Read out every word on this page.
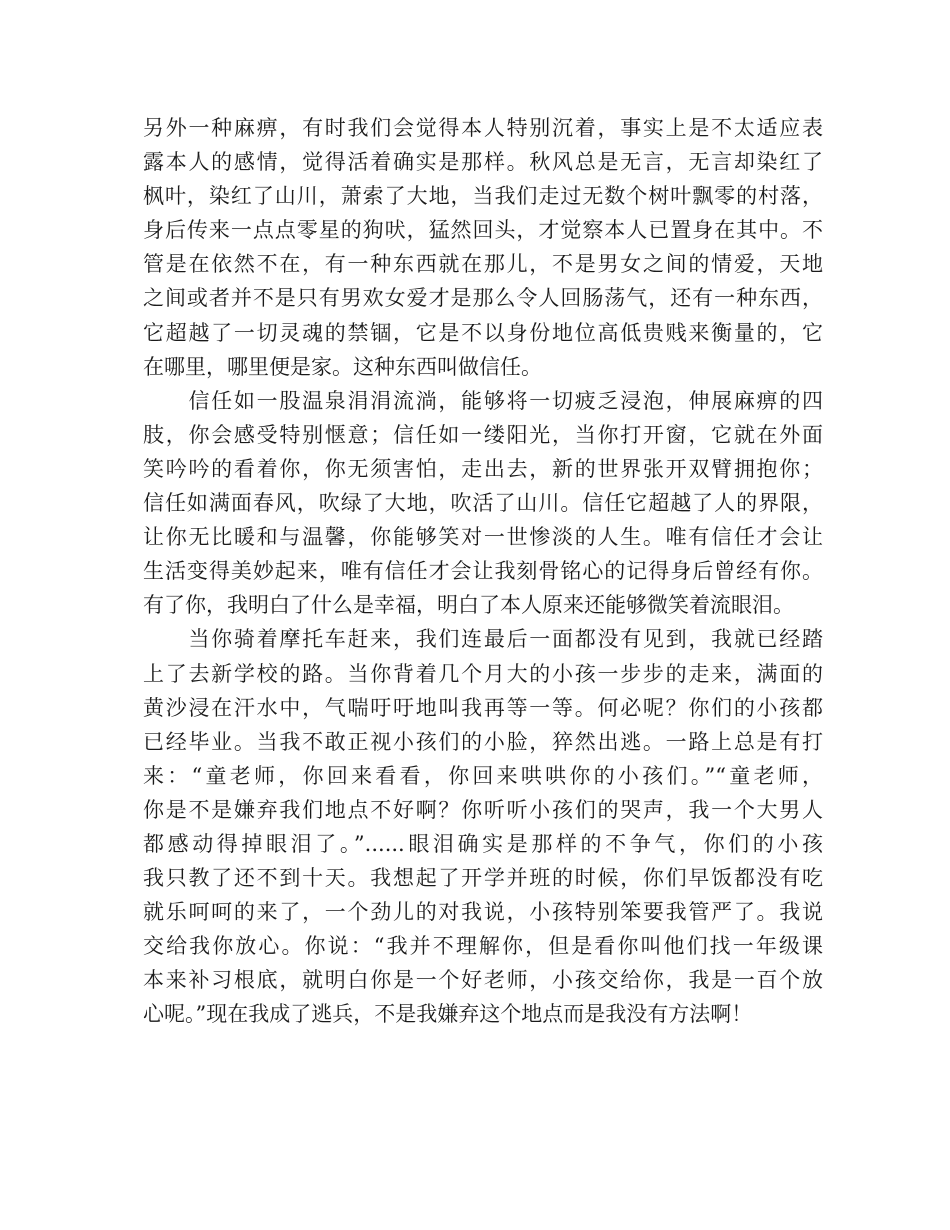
另外一种麻痹，有时我们会觉得本人特别沉着，事实上是不太适应表
露本人的感情，觉得活着确实是那样。秋风总是无言，无言却染红了
枫叶，染红了山川，萧索了大地，当我们走过无数个树叶飘零的村落，
身后传来一点点零星的狗吠，猛然回头，才觉察本人已置身在其中。不
管是在依然不在，有一种东西就在那儿，不是男女之间的情爱，天地
之间或者并不是只有男欢女爱才是那么令人回肠荡气，还有一种东西，
它超越了一切灵魂的禁锢，它是不以身份地位高低贵贱来衡量的，它
在哪里，哪里便是家。这种东西叫做信任。
　　信任如一股温泉涓涓流淌，能够将一切疲乏浸泡，伸展麻痹的四
肢，你会感受特别惬意；信任如一缕阳光，当你打开窗，它就在外面
笑吟吟的看着你，你无须害怕，走出去，新的世界张开双臂拥抱你；
信任如满面春风，吹绿了大地，吹活了山川。信任它超越了人的界限，
让你无比暖和与温馨，你能够笑对一世惨淡的人生。唯有信任才会让
生活变得美妙起来，唯有信任才会让我刻骨铭心的记得身后曾经有你。
有了你，我明白了什么是幸福，明白了本人原来还能够微笑着流眼泪。
　　当你骑着摩托车赶来，我们连最后一面都没有见到，我就已经踏
上了去新学校的路。当你背着几个月大的小孩一步步的走来，满面的
黄沙浸在汗水中，气喘吁吁地叫我再等一等。何必呢？你们的小孩都
已经毕业。当我不敢正视小孩们的小脸，猝然出逃。一路上总是有打
来：“童老师，你回来看看，你回来哄哄你的小孩们。”“童老师，
你是不是嫌弃我们地点不好啊？你听听小孩们的哭声，我一个大男人
都感动得掉眼泪了。”......眼泪确实是那样的不争气，你们的小孩
我只教了还不到十天。我想起了开学并班的时候，你们早饭都没有吃
就乐呵呵的来了，一个劲儿的对我说，小孩特别笨要我管严了。我说
交给我你放心。你说：“我并不理解你，但是看你叫他们找一年级课
本来补习根底，就明白你是一个好老师，小孩交给你，我是一百个放
心呢。”现在我成了逃兵，不是我嫌弃这个地点而是我没有方法啊！
